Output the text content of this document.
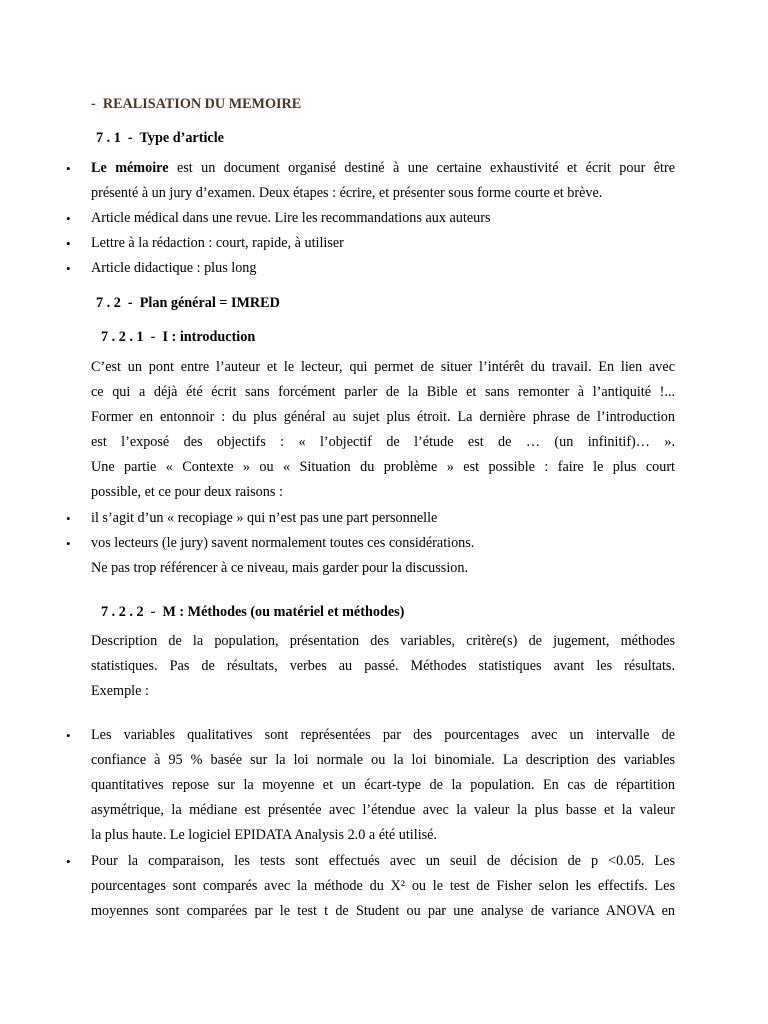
- REALISATION DU MEMOIRE
7 . 1  -  Type d’article
• Le mémoire est un document organisé destiné à une certaine exhaustivité et écrit pour être
présenté à un jury d’examen. Deux étapes : écrire, et présenter sous forme courte et brève.
• Article médical dans une revue. Lire les recommandations aux auteurs
• Lettre à la rédaction : court, rapide, à utiliser
• Article didactique : plus long
7 . 2  -  Plan général = IMRED
7 . 2 . 1  -  I : introduction
C’est un pont entre l’auteur et le lecteur, qui permet de situer l’intérêt du travail. En lien avec
ce qui a déjà été écrit sans forcément parler de la Bible et sans remonter à l’antiquité !...
Former en entonnoir : du plus général au sujet plus étroit. La dernière phrase de l’introduction
est l’exposé des objectifs : « l’objectif de l’étude est de … (un infinitif)… ».
Une partie « Contexte » ou « Situation du problème » est possible : faire le plus court
possible, et ce pour deux raisons :
• il s’agit d’un « recopiage » qui n’est pas une part personnelle
• vos lecteurs (le jury) savent normalement toutes ces considérations.
Ne pas trop référencer à ce niveau, mais garder pour la discussion.
7 . 2 . 2  -  M : Méthodes (ou matériel et méthodes)
Description de la population, présentation des variables, critère(s) de jugement, méthodes
statistiques. Pas de résultats, verbes au passé. Méthodes statistiques avant les résultats.
Exemple :
• Les variables qualitatives sont représentées par des pourcentages avec un intervalle de
confiance à 95 % basée sur la loi normale ou la loi binomiale. La description des variables
quantitatives repose sur la moyenne et un écart-type de la population. En cas de répartition
asymétrique, la médiane est présentée avec l’étendue avec la valeur la plus basse et la valeur
la plus haute. Le logiciel EPIDATA Analysis 2.0 a été utilisé.
• Pour la comparaison, les tests sont effectués avec un seuil de décision de p <0.05. Les
pourcentages sont comparés avec la méthode du X² ou le test de Fisher selon les effectifs. Les
moyennes sont comparées par le test t de Student ou par une analyse de variance ANOVA en
